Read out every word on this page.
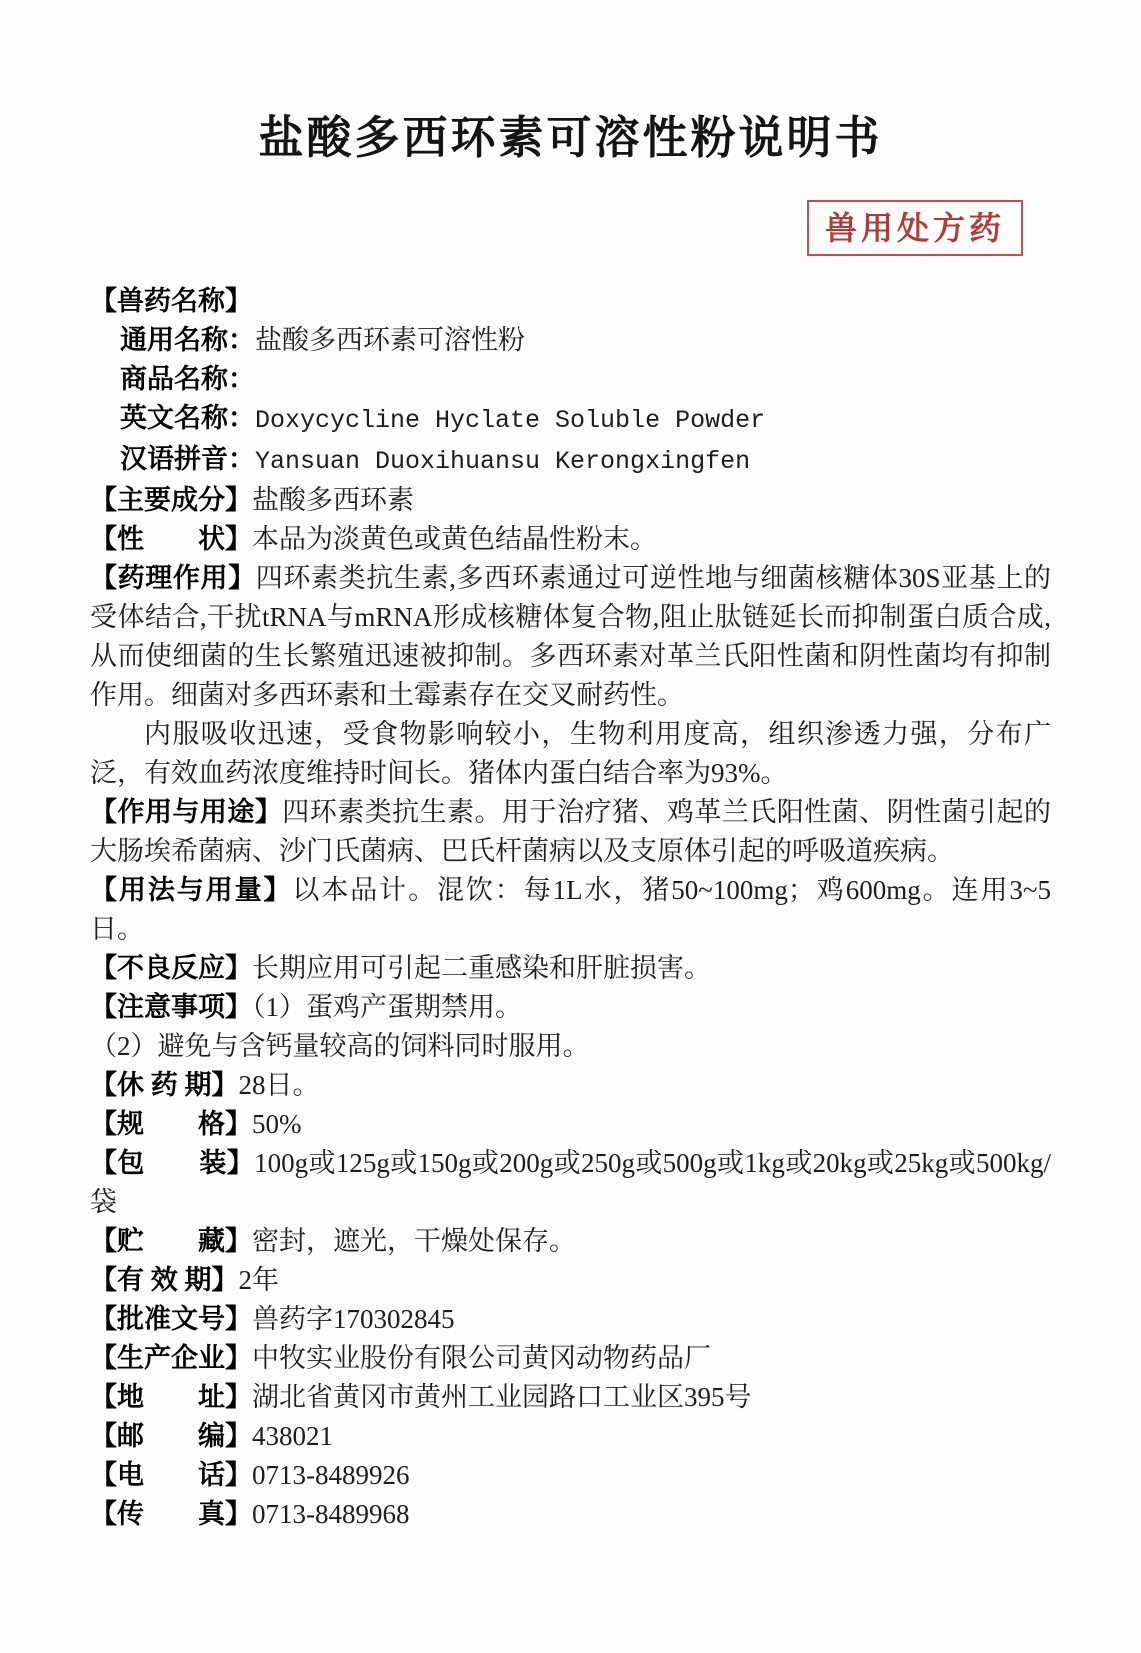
盐酸多西环素可溶性粉说明书
兽用处方药

【兽药名称】

通用名称：盐酸多西环素可溶性粉

商品名称：

英文名称：Doxycycline Hyclate Soluble Powder

汉语拼音：Yansuan Duoxihuansu Kerongxingfen

【主要成分】盐酸多西环素

【性　　状】本品为淡黄色或黄色结晶性粉末。

【药理作用】四环素类抗生素,多西环素通过可逆性地与细菌核糖体30S亚基上的受体结合,干扰tRNA与mRNA形成核糖体复合物,阻止肽链延长而抑制蛋白质合成,从而使细菌的生长繁殖迅速被抑制。多西环素对革兰氏阳性菌和阴性菌均有抑制作用。细菌对多西环素和土霉素存在交叉耐药性。

内服吸收迅速，受食物影响较小，生物利用度高，组织渗透力强，分布广泛，有效血药浓度维持时间长。猪体内蛋白结合率为93%。

【作用与用途】四环素类抗生素。用于治疗猪、鸡革兰氏阳性菌、阴性菌引起的大肠埃希菌病、沙门氏菌病、巴氏杆菌病以及支原体引起的呼吸道疾病。

【用法与用量】以本品计。混饮：每1L水，猪50~100mg；鸡600mg。连用3~5日。

【不良反应】长期应用可引起二重感染和肝脏损害。

【注意事项】（1）蛋鸡产蛋期禁用。

（2）避免与含钙量较高的饲料同时服用。

【休 药 期】28日。

【规　　格】50%

【包　　装】100g或125g或150g或200g或250g或500g或1kg或20kg或25kg或500kg/袋

【贮　　藏】密封，遮光，干燥处保存。

【有 效 期】2年

【批准文号】兽药字170302845

【生产企业】中牧实业股份有限公司黄冈动物药品厂

【地　　址】湖北省黄冈市黄州工业园路口工业区395号

【邮　　编】438021

【电　　话】0713-8489926

【传　　真】0713-8489968
